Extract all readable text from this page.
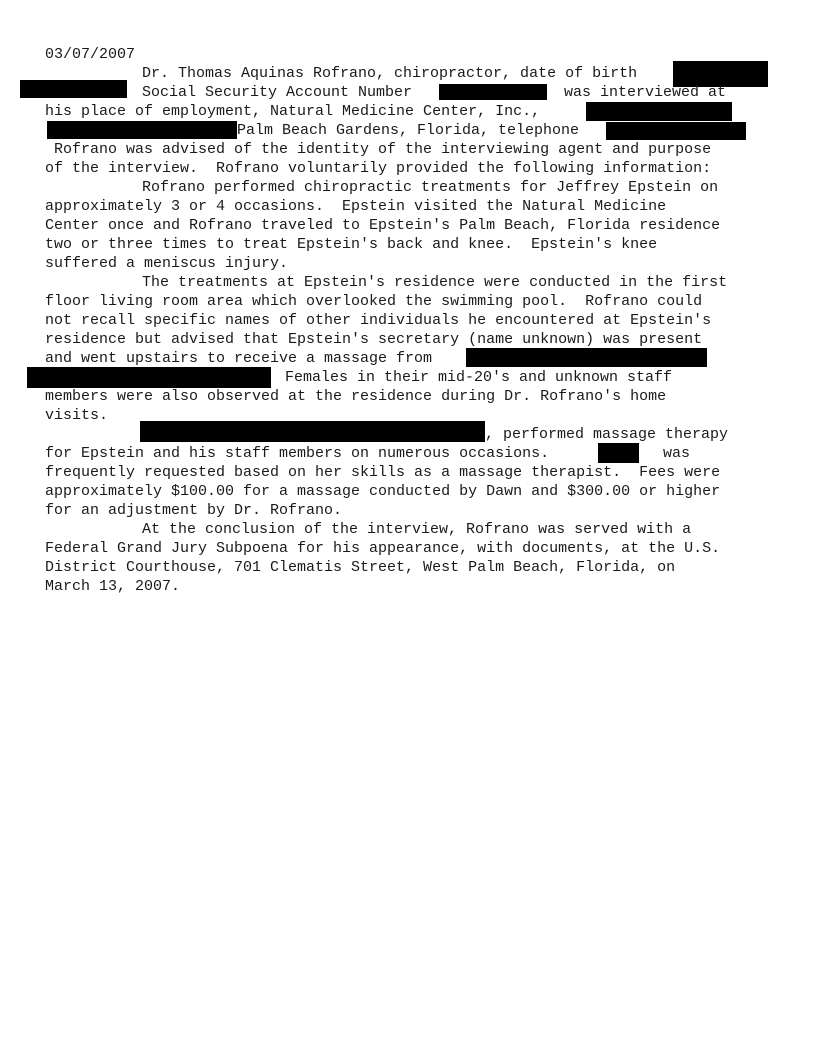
03/07/2007
Dr. Thomas Aquinas Rofrano, chiropractor, date of birth
Social Security Account Number	was interviewed at
his place of employment, Natural Medicine Center, Inc.,
Palm Beach Gardens, Florida, telephone
Rofrano was advised of the identity of the interviewing agent and purpose
of the interview.  Rofrano voluntarily provided the following information:
Rofrano performed chiropractic treatments for Jeffrey Epstein on
approximately 3 or 4 occasions.  Epstein visited the Natural Medicine
Center once and Rofrano traveled to Epstein's Palm Beach, Florida residence
two or three times to treat Epstein's back and knee.  Epstein's knee
suffered a meniscus injury.
The treatments at Epstein's residence were conducted in the first
floor living room area which overlooked the swimming pool.  Rofrano could
not recall specific names of other individuals he encountered at Epstein's
residence but advised that Epstein's secretary (name unknown) was present
and went upstairs to receive a massage from
Females in their mid-20's and unknown staff
members were also observed at the residence during Dr. Rofrano's home
visits.
, performed massage therapy
for Epstein and his staff members on numerous occasions.	was
frequently requested based on her skills as a massage therapist.  Fees were
approximately $100.00 for a massage conducted by Dawn and $300.00 or higher
for an adjustment by Dr. Rofrano.
At the conclusion of the interview, Rofrano was served with a
Federal Grand Jury Subpoena for his appearance, with documents, at the U.S.
District Courthouse, 701 Clematis Street, West Palm Beach, Florida, on
March 13, 2007.
